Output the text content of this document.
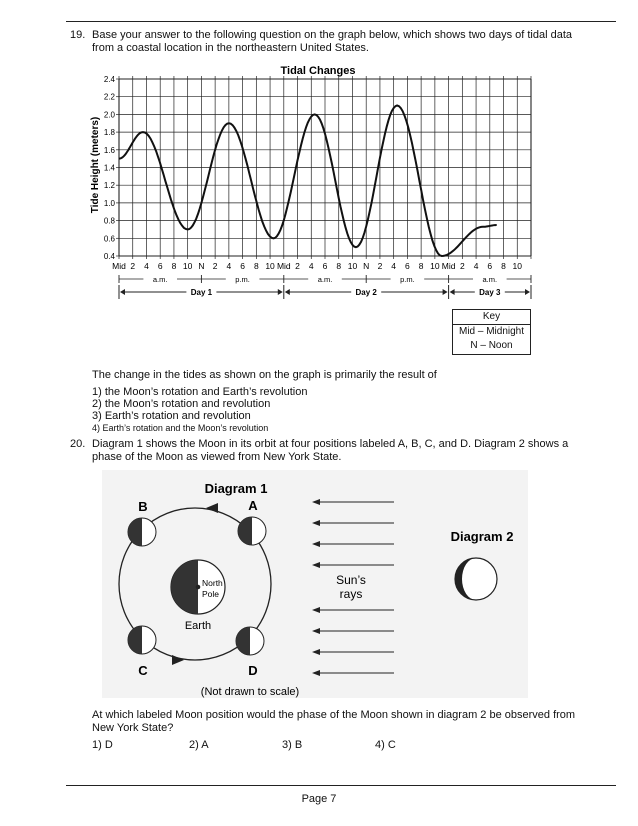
19. Base your answer to the following question on the graph below, which shows two days of tidal data
from a coastal location in the northeastern United States.
Tidal Changes
Tide Height (meters)
0.4
0.6
0.8
1.0
1.2
1.4
1.6
1.8
2.0
2.2
2.4
Mid 2 4 6 8 10 N 2 4 6 8 10 Mid 2 4 6 8 10 N 2 4 6 8 10 Mid 2 4 6 8 10
a.m.	p.m.	a.m.	p.m.	a.m.
Day 1	Day 2	Day 3
Key
Mid – Midnight
N – Noon
The change in the tides as shown on the graph is primarily the result of
1) the Moon’s rotation and Earth’s revolution
2) the Moon’s rotation and revolution
3) Earth’s rotation and revolution
4) Earth’s rotation and the Moon’s revolution
20. Diagram 1 shows the Moon in its orbit at four positions labeled A, B, C, and D. Diagram 2 shows a
phase of the Moon as viewed from New York State.
Diagram 1
North
Pole
Earth
A
B
C	D
Sun’s
rays
(Not drawn to scale)
Diagram 2
At which labeled Moon position would the phase of the Moon shown in diagram 2 be observed from
New York State?
1) D	2) A	3) B	4) C
Page 7
